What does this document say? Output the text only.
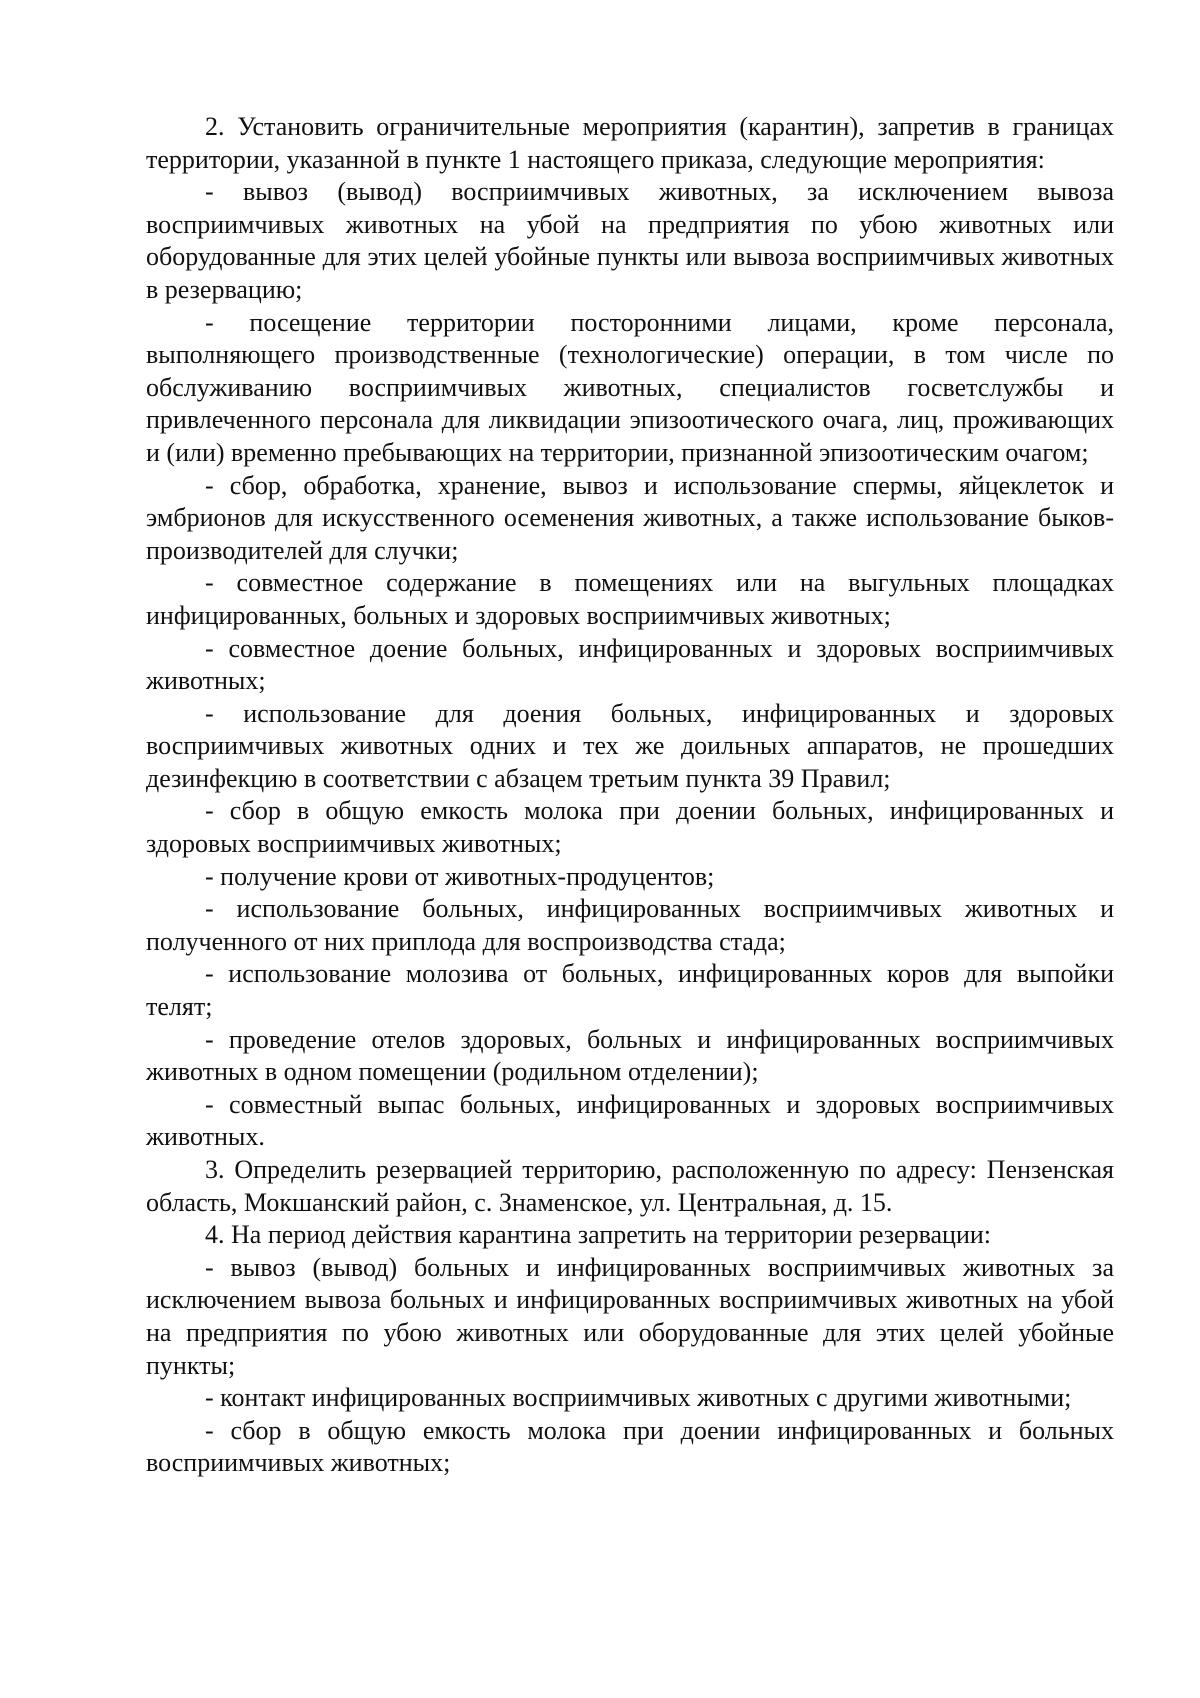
2. Установить ограничительные мероприятия (карантин), запретив в границах территории, указанной в пункте 1 настоящего приказа, следующие мероприятия:

- вывоз (вывод) восприимчивых животных, за исключением вывоза восприимчивых животных на убой на предприятия по убою животных или оборудованные для этих целей убойные пункты или вывоза восприимчивых животных в резервацию;

- посещение территории посторонними лицами, кроме персонала, выполняющего производственные (технологические) операции, в том числе по обслуживанию восприимчивых животных, специалистов госветслужбы и привлеченного персонала для ликвидации эпизоотического очага, лиц, проживающих и (или) временно пребывающих на территории, признанной эпизоотическим очагом;

- сбор, обработка, хранение, вывоз и использование спермы, яйцеклеток и эмбрионов для искусственного осеменения животных, а также использование быков-производителей для случки;

- совместное содержание в помещениях или на выгульных площадках инфицированных, больных и здоровых восприимчивых животных;

- совместное доение больных, инфицированных и здоровых восприимчивых животных;

- использование для доения больных, инфицированных и здоровых восприимчивых животных одних и тех же доильных аппаратов, не прошедших дезинфекцию в соответствии с абзацем третьим пункта 39 Правил;

- сбор в общую емкость молока при доении больных, инфицированных и здоровых восприимчивых животных;

- получение крови от животных-продуцентов;

- использование больных, инфицированных восприимчивых животных и полученного от них приплода для воспроизводства стада;

- использование молозива от больных, инфицированных коров для выпойки телят;

- проведение отелов здоровых, больных и инфицированных восприимчивых животных в одном помещении (родильном отделении);

- совместный выпас больных, инфицированных и здоровых восприимчивых животных.

3. Определить резервацией территорию, расположенную по адресу: Пензенская область, Мокшанский район, с. Знаменское, ул. Центральная, д. 15.

4. На период действия карантина запретить на территории резервации:

- вывоз (вывод) больных и инфицированных восприимчивых животных за исключением вывоза больных и инфицированных восприимчивых животных на убой на предприятия по убою животных или оборудованные для этих целей убойные пункты;

- контакт инфицированных восприимчивых животных с другими животными;

- сбор в общую емкость молока при доении инфицированных и больных восприимчивых животных;
